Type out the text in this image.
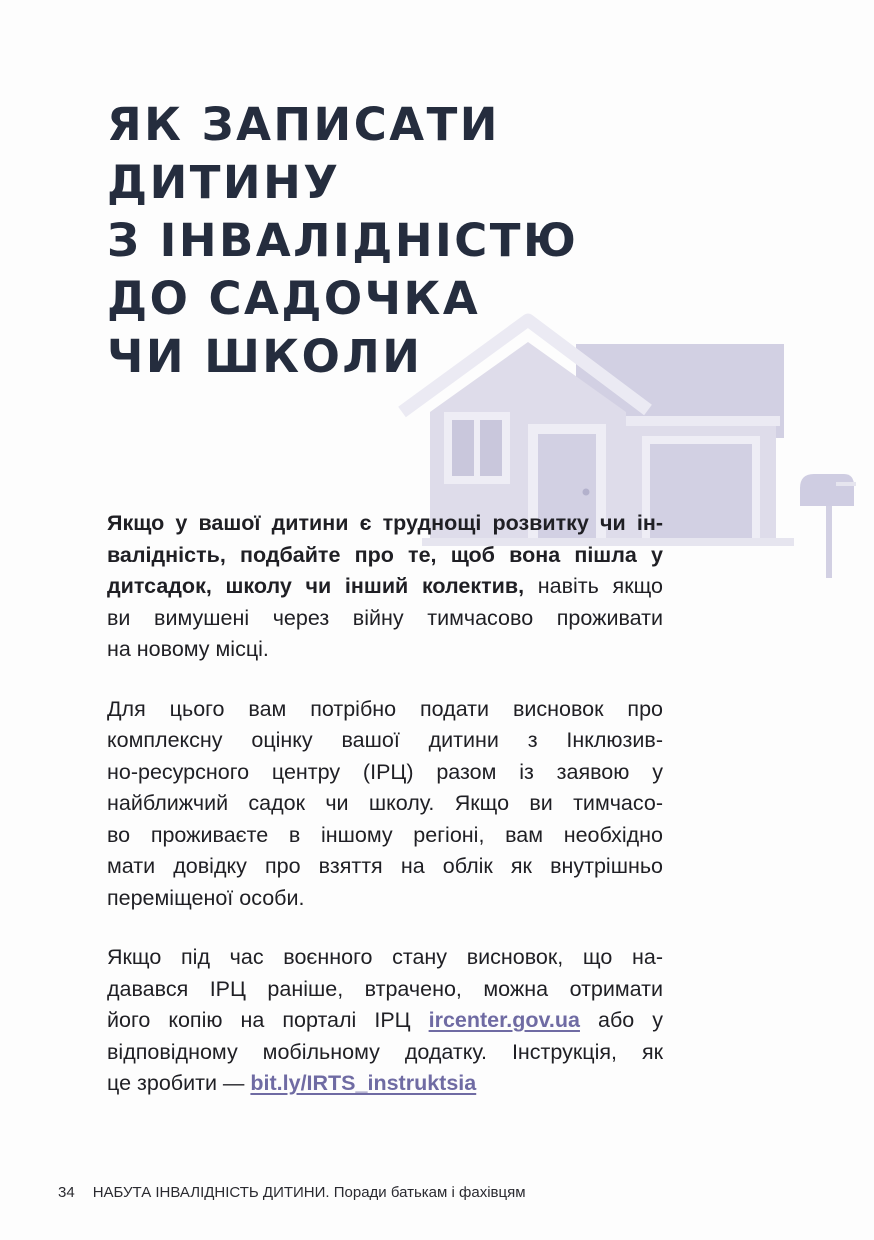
ЯК ЗАПИСАТИ
ДИТИНУ
З ІНВАЛІДНІСТЮ
ДО САДОЧКА
ЧИ ШКОЛИ

Якщо у вашої дитини є труднощі розвитку чи ін-
валідність, подбайте про те, щоб вона пішла у
дитсадок, школу чи інший колектив, навіть якщо
ви вимушені через війну тимчасово проживати
на новому місці.

Для цього вам потрібно подати висновок про
комплексну оцінку вашої дитини з Інклюзив-
но-ресурсного центру (ІРЦ) разом із заявою у
найближчий садок чи школу. Якщо ви тимчасо-
во проживаєте в іншому регіоні, вам необхідно
мати довідку про взяття на облік як внутрішньо
переміщеної особи.

Якщо під час воєнного стану висновок, що на-
давався ІРЦ раніше, втрачено, можна отримати
його копію на порталі ІРЦ ircenter.gov.ua або у
відповідному мобільному додатку. Інструкція, як
це зробити — bit.ly/IRTS_instruktsia

34 НАБУТА ІНВАЛІДНІСТЬ ДИТИНИ. Поради батькам і фахівцям
